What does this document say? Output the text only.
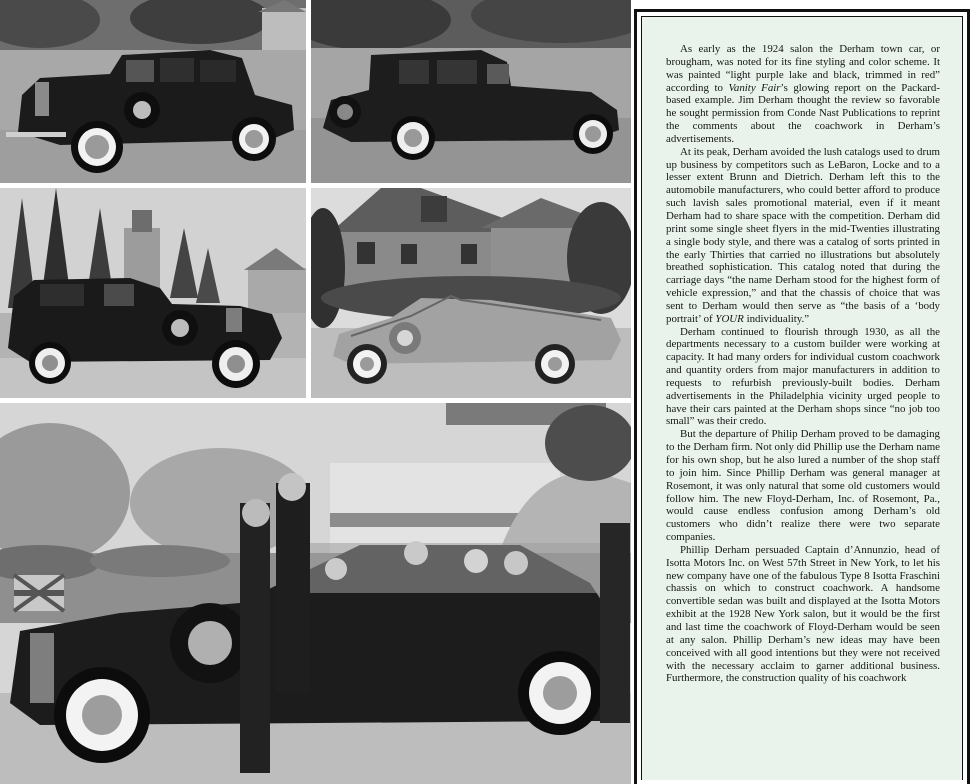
As early as the 1924 salon the Derham town car, or brougham, was noted for its fine styling and color scheme. It was painted “light purple lake and black, trimmed in red” according to Vanity Fair’s glowing report on the Packard-based example. Jim Derham thought the review so favorable he sought permission from Conde Nast Publications to reprint the comments about the coachwork in Derham’s advertisements.

At its peak, Derham avoided the lush catalogs used to drum up business by competitors such as LeBaron, Locke and to a lesser extent Brunn and Dietrich. Derham left this to the automobile manufacturers, who could better afford to produce such lavish sales promotional material, even if it meant Derham had to share space with the competition. Derham did print some single sheet flyers in the mid-Twenties illustrating a single body style, and there was a catalog of sorts printed in the early Thirties that carried no illustrations but absolutely breathed sophistication. This catalog noted that during the carriage days “the name Derham stood for the highest form of vehicle expression,” and that the chassis of choice that was sent to Derham would then serve as “the basis of a ‘body portrait’ of YOUR individuality.”

Derham continued to flourish through 1930, as all the departments necessary to a custom builder were working at capacity. It had many orders for individual custom coachwork and quantity orders from major manufacturers in addition to requests to refurbish previously-built bodies. Derham advertisements in the Philadelphia vicinity urged people to have their cars painted at the Derham shops since “no job too small” was their credo.

But the departure of Philip Derham proved to be damaging to the Derham firm. Not only did Phillip use the Derham name for his own shop, but he also lured a number of the shop staff to join him. Since Phillip Derham was general manager at Rosemont, it was only natural that some old customers would follow him. The new Floyd-Derham, Inc. of Rosemont, Pa., would cause endless confusion among Derham’s old customers who didn’t realize there were two separate companies.

Phillip Derham persuaded Captain d’Annunzio, head of Isotta Motors Inc. on West 57th Street in New York, to let his new company have one of the fabulous Type 8 Isotta Fraschini chassis on which to construct coachwork. A handsome convertible sedan was built and displayed at the Isotta Motors exhibit at the 1928 New York salon, but it would be the first and last time the coachwork of Floyd-Derham would be seen at any salon. Phillip Derham’s new ideas may have been conceived with all good intentions but they were not received with the necessary acclaim to garner additional business. Furthermore, the construction quality of his coachwork
